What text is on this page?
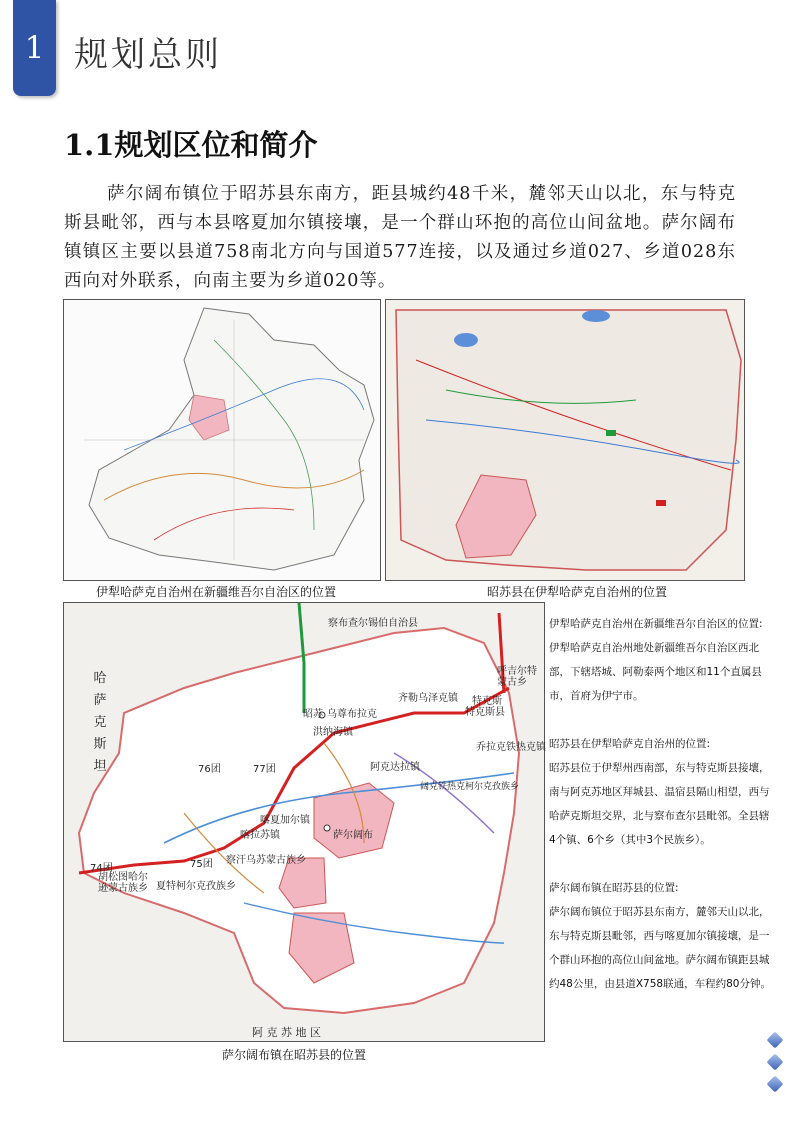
1 规划总则
1.1规划区位和简介
萨尔阔布镇位于昭苏县东南方，距县城约48千米，麓邻天山以北，东与特克斯县毗邻，西与本县喀夏加尔镇接壤，是一个群山环抱的高位山间盆地。萨尔阔布镇镇区主要以县道758南北方向与国道577连接，以及通过乡道027、乡道028东西向对外联系，向南主要为乡道020等。
伊犁哈萨克自治州在新疆维吾尔自治区的位置	昭苏县在伊犁哈萨克自治州的位置
哈萨克斯坦
阿 克 苏 地 区
察布查尔锡伯自治县
昭苏 乌尊布拉克
洪纳海镇
齐勒乌泽克镇 特克斯
特克斯县
呼吉尔特蒙古乡
乔拉克铁热克镇
阿克达拉镇
76团	77团
喀夏加尔镇
喀拉苏镇	萨尔阔布
察汗乌苏蒙古族乡
75团
74团
胡松图哈尔逊蒙古族乡 夏特柯尔克孜族乡
阔克铁热克柯尔克孜族乡
萨尔阔布镇在昭苏县的位置

伊犁哈萨克自治州在新疆维吾尔自治区的位置:
伊犁哈萨克自治州地处新疆维吾尔自治区西北部，下辖塔城、阿勒泰两个地区和11个直属县市，首府为伊宁市。

昭苏县在伊犁哈萨克自治州的位置:
昭苏县位于伊犁州西南部，东与特克斯县接壤，南与阿克苏地区拜城县、温宿县隔山相望，西与哈萨克斯坦交界，北与察布查尔县毗邻。全县辖4个镇、6个乡（其中3个民族乡）。

萨尔阔布镇在昭苏县的位置:
萨尔阔布镇位于昭苏县东南方，麓邻天山以北，东与特克斯县毗邻，西与喀夏加尔镇接壤，是一个群山环抱的高位山间盆地。萨尔阔布镇距县城约48公里，由县道X758联通，车程约80分钟。
